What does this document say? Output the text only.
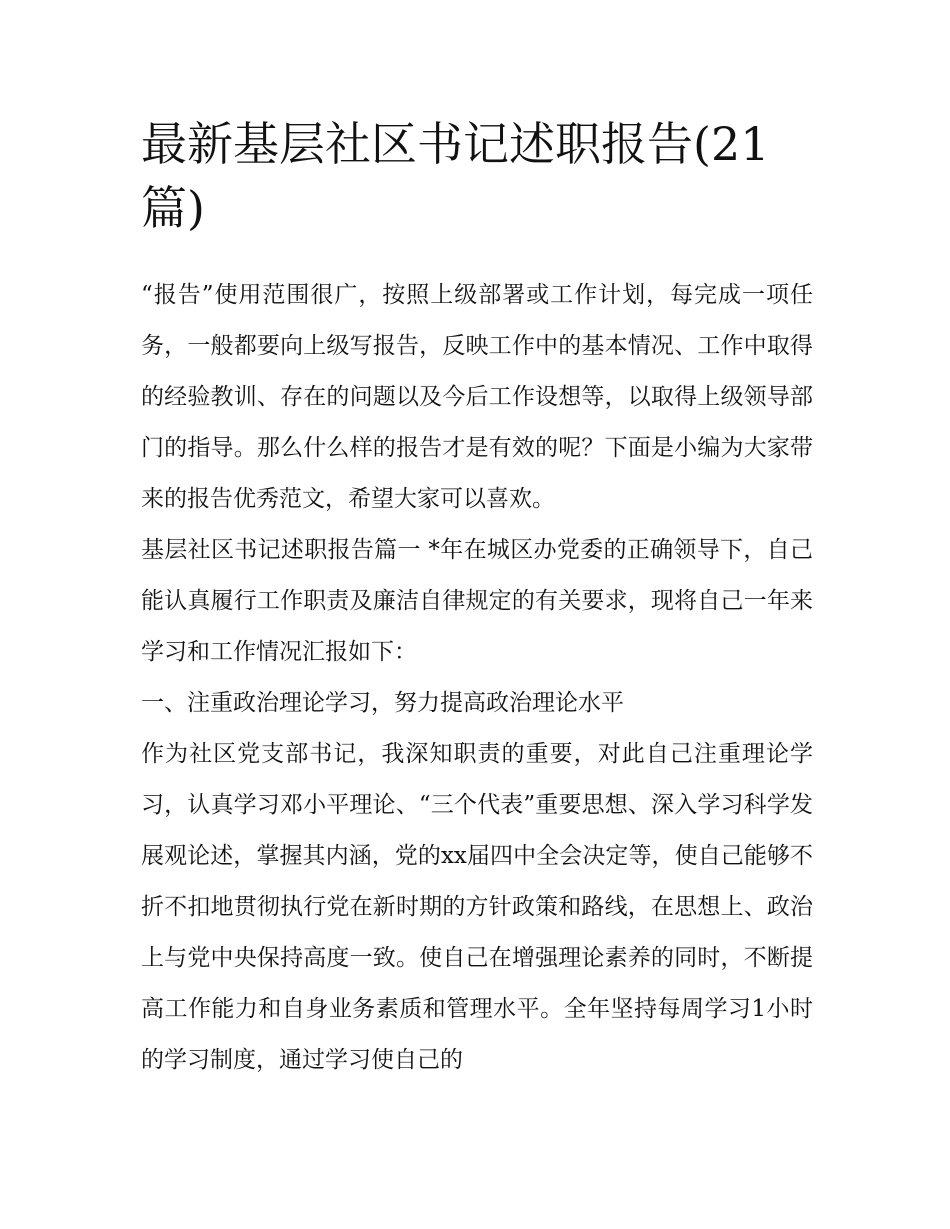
最新基层社区书记述职报告(21篇)

“报告”使用范围很广，按照上级部署或工作计划，每完成一项任务，一般都要向上级写报告，反映工作中的基本情况、工作中取得的经验教训、存在的问题以及今后工作设想等，以取得上级领导部门的指导。那么什么样的报告才是有效的呢？下面是小编为大家带来的报告优秀范文，希望大家可以喜欢。

基层社区书记述职报告篇一 *年在城区办党委的正确领导下，自己能认真履行工作职责及廉洁自律规定的有关要求，现将自己一年来学习和工作情况汇报如下：

一、注重政治理论学习，努力提高政治理论水平

作为社区党支部书记，我深知职责的重要，对此自己注重理论学习，认真学习邓小平理论、“三个代表”重要思想、深入学习科学发展观论述，掌握其内涵，党的xx届四中全会决定等，使自己能够不折不扣地贯彻执行党在新时期的方针政策和路线，在思想上、政治上与党中央保持高度一致。使自己在增强理论素养的同时，不断提高工作能力和自身业务素质和管理水平。全年坚持每周学习1小时的学习制度，通过学习使自己的
